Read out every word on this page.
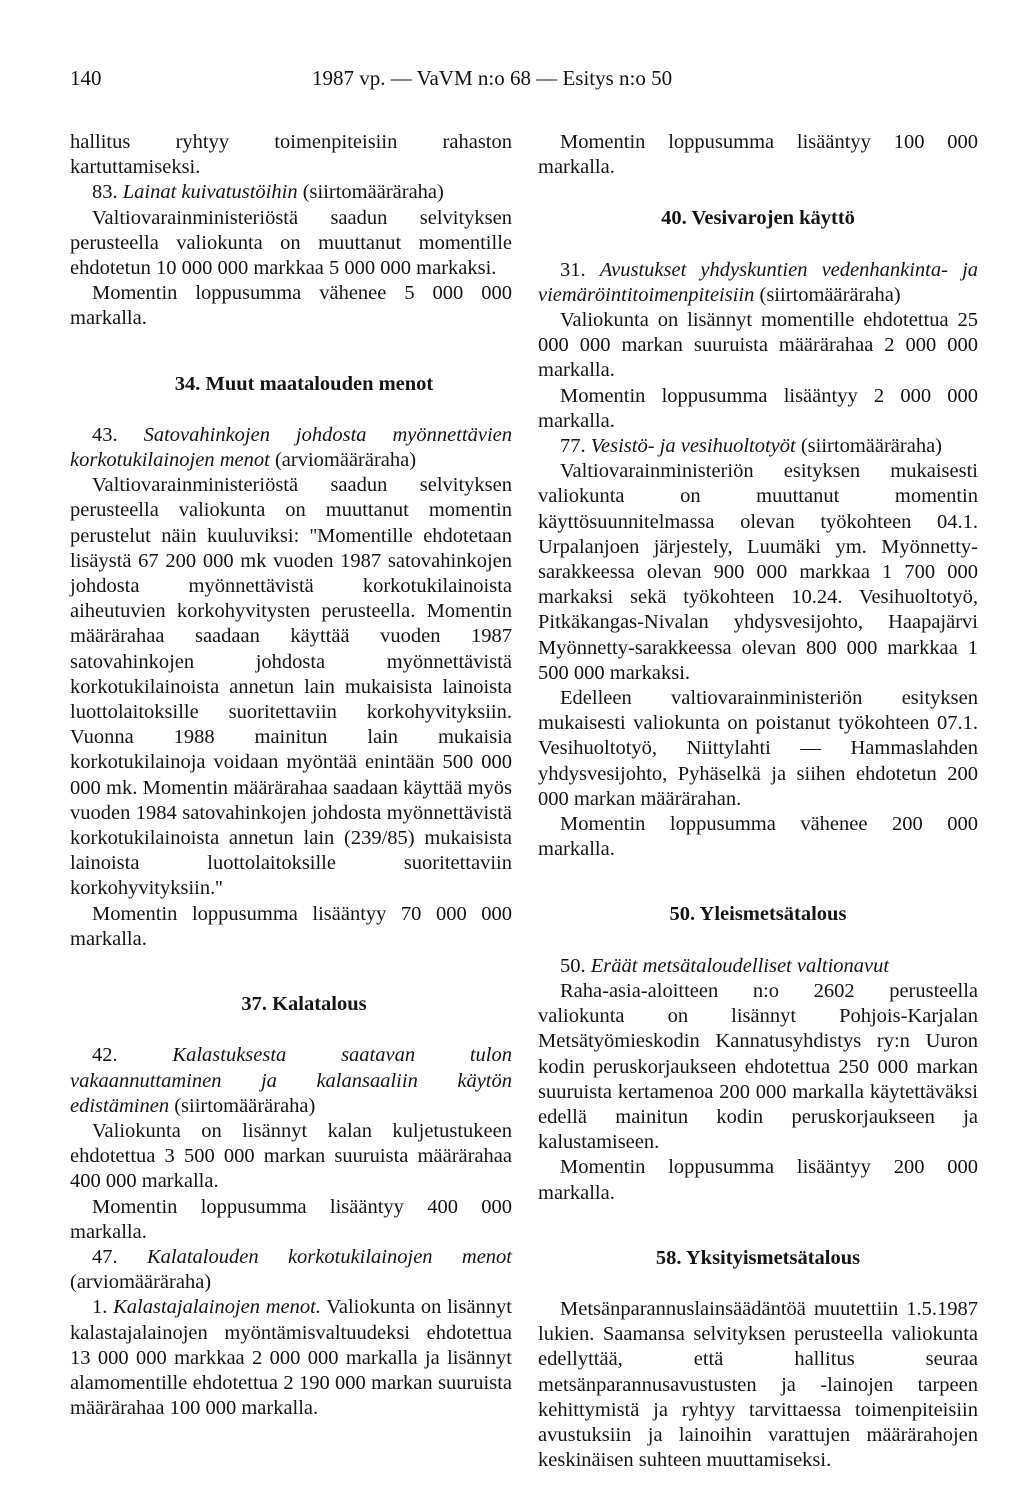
140	1987 vp. — VaVM n:o 68 — Esitys n:o 50

hallitus ryhtyy toimenpiteisiin rahaston kartuttamiseksi.

83. Lainat kuivatustöihin (siirtomääräraha)

Valtiovarainministeriöstä saadun selvityksen perusteella valiokunta on muuttanut momentille ehdotetun 10 000 000 markkaa 5 000 000 markaksi.

Momentin loppusumma vähenee 5 000 000 markalla.

34. Muut maatalouden menot

43. Satovahinkojen johdosta myönnettävien korkotukilainojen menot (arviomääräraha)

Valtiovarainministeriöstä saadun selvityksen perusteella valiokunta on muuttanut momentin perustelut näin kuuluviksi: ''Momentille ehdotetaan lisäystä 67 200 000 mk vuoden 1987 satovahinkojen johdosta myönnettävistä korkotukilainoista aiheutuvien korkohyvitysten perusteella. Momentin määrärahaa saadaan käyttää vuoden 1987 satovahinkojen johdosta myönnettävistä korkotukilainoista annetun lain mukaisista lainoista luottolaitoksille suoritettaviin korkohyvityksiin. Vuonna 1988 mainitun lain mukaisia korkotukilainoja voidaan myöntää enintään 500 000 000 mk. Momentin määrärahaa saadaan käyttää myös vuoden 1984 satovahinkojen johdosta myönnettävistä korkotukilainoista annetun lain (239/85) mukaisista lainoista luottolaitoksille suoritettaviin korkohyvityksiin.''

Momentin loppusumma lisääntyy 70 000 000 markalla.

37. Kalatalous

42.	Kalastuksesta saatavan tulon vakaannuttaminen ja kalansaaliin käytön edistäminen (siirtomääräraha)

Valiokunta on lisännyt kalan kuljetustukeen ehdotettua 3 500 000 markan suuruista määrärahaa 400 000 markalla.

Momentin loppusumma lisääntyy 400 000 markalla.

47. Kalatalouden korkotukilainojen menot (arviomääräraha)

1. Kalastajalainojen menot. Valiokunta on lisännyt kalastajalainojen myöntämisvaltuudeksi ehdotettua 13 000 000 markkaa 2 000 000 markalla ja lisännyt alamomentille ehdotettua 2 190 000 markan suuruista määrärahaa 100 000 markalla.

Momentin loppusumma lisääntyy 100 000 markalla.

40. Vesivarojen käyttö

31. Avustukset yhdyskuntien vedenhankinta- ja viemäröintitoimenpiteisiin (siirtomääräraha)

Valiokunta on lisännyt momentille ehdotettua 25 000 000 markan suuruista määrärahaa 2 000 000 markalla.

Momentin loppusumma lisääntyy 2 000 000 markalla.

77. Vesistö- ja vesihuoltotyöt (siirtomääräraha)

Valtiovarainministeriön esityksen mukaisesti valiokunta on muuttanut momentin käyttösuunnitelmassa olevan työkohteen 04.1. Urpalanjoen järjestely, Luumäki ym. Myönnetty-sarakkeessa olevan 900 000 markkaa 1 700 000 markaksi sekä työkohteen 10.24. Vesihuoltotyö, Pitkäkangas-Nivalan yhdysvesijohto, Haapajärvi Myönnetty-sarakkeessa olevan 800 000 markkaa 1 500 000 markaksi.

Edelleen valtiovarainministeriön esityksen mukaisesti valiokunta on poistanut työkohteen 07.1. Vesihuoltotyö, Niittylahti — Hammaslahden yhdysvesijohto, Pyhäselkä ja siihen ehdotetun 200 000 markan määrärahan.

Momentin loppusumma vähenee 200 000 markalla.

50. Yleismetsätalous

50. Eräät metsätaloudelliset valtionavut

Raha-asia-aloitteen n:o 2602 perusteella valiokunta on lisännyt Pohjois-Karjalan Metsätyömieskodin Kannatusyhdistys ry:n Uuron kodin peruskorjaukseen ehdotettua 250 000 markan suuruista kertamenoa 200 000 markalla käytettäväksi edellä mainitun kodin peruskorjaukseen ja kalustamiseen.

Momentin loppusumma lisääntyy 200 000 markalla.

58. Yksityismetsätalous

Metsänparannuslainsäädäntöä muutettiin 1.5.1987 lukien. Saamansa selvityksen perusteella valiokunta edellyttää, että hallitus seuraa metsänparannusavustusten ja -lainojen tarpeen kehittymistä ja ryhtyy tarvittaessa toimenpiteisiin avustuksiin ja lainoihin varattujen määrärahojen keskinäisen suhteen muuttamiseksi.
